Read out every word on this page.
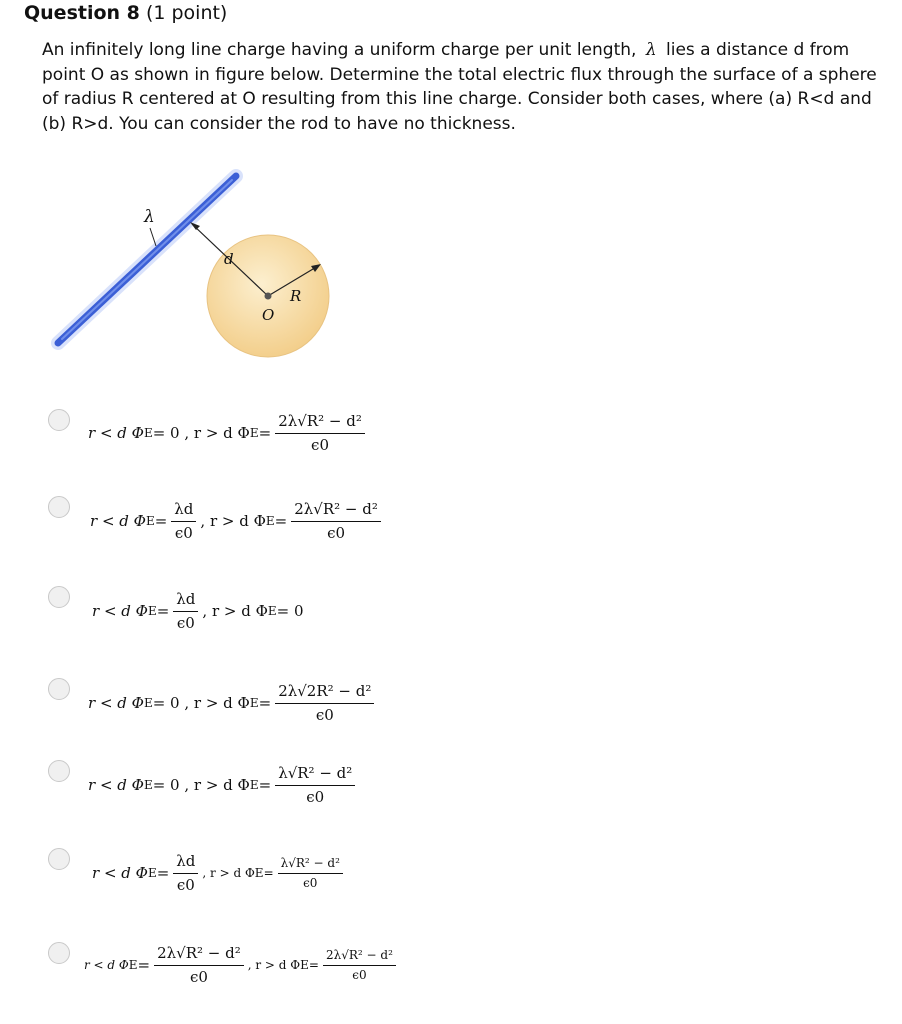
Question 8 (1 point)
An infinitely long line charge having a uniform charge per unit length, λ lies a distance d from point O as shown in figure below. Determine the total electric flux through the surface of a sphere of radius R centered at O resulting from this line charge. Consider both cases, where (a) R<d and (b) R>d. You can consider the rod to have no thickness.
λ
d
R
O
r < d Φ E = 0 , r > d Φ $E = \frac{\text{2λ√R² − d²}}{\epsilon 0}$
r < d Φ $E = \frac{\lambda d}{\epsilon 0}$ , r > d Φ $E = \frac{\text{2λ√R² − d²}}{\epsilon 0}$
r < d Φ $E = \frac{\lambda d}{\epsilon 0}$ , r > d Φ E = 0
r < d Φ E = 0 , r > d Φ $E = \frac{\text{2λ√2R² − d²}}{\epsilon 0}$
r < d Φ E = 0 , r > d Φ $E = \frac{\text{λ√R² − d²}}{\epsilon 0}$
r < d Φ $E = \frac{\lambda d}{\epsilon 0}$ , r > d Φ $E = \frac{\text{λ√R² − d²}}{\epsilon 0}$
r < d Φ $E = \frac{\text{2λ√R² − d²}}{\epsilon 0}$ , r > d Φ $E = \frac{\text{2λ√R² − d²}}{\epsilon 0}$
